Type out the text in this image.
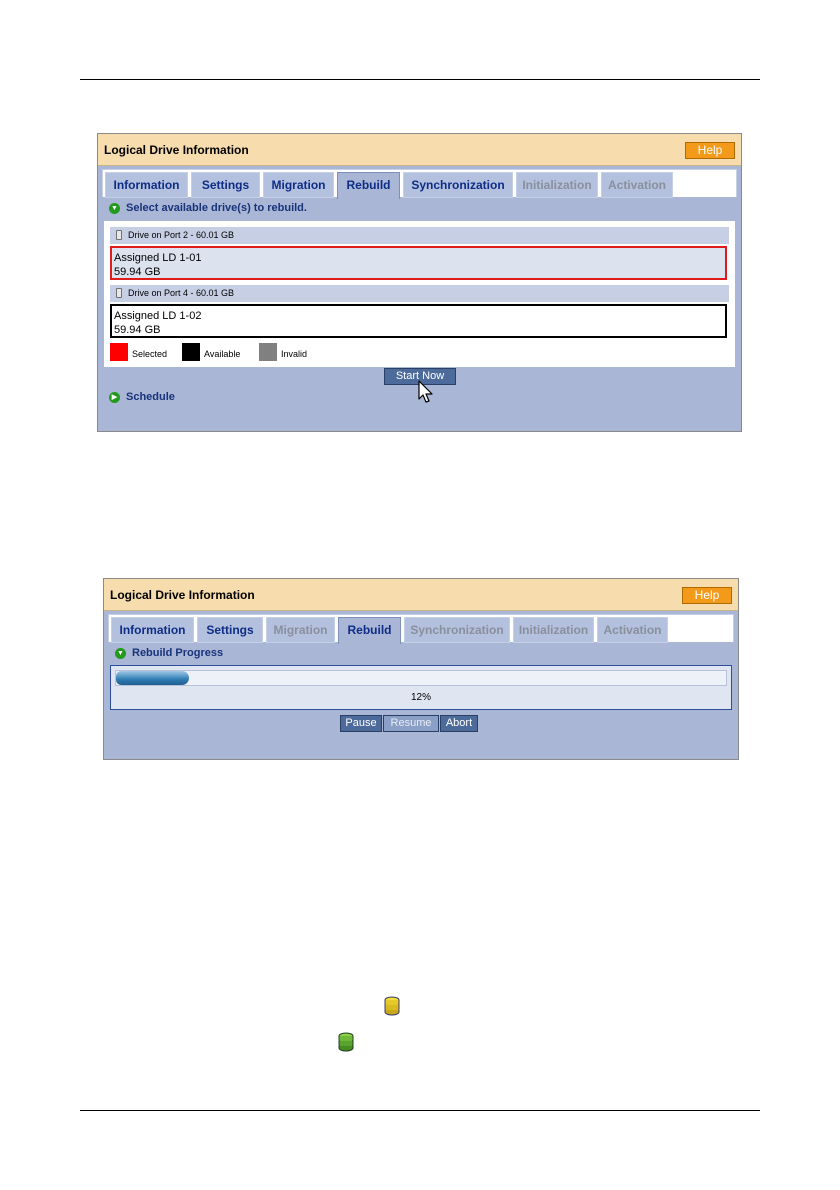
Logical Drive Information	Help
Information	Settings	Migration	Rebuild	Synchronization	Initialization	Activation
▼ Select available drive(s) to rebuild.
Drive on Port 2 - 60.01 GB
Assigned LD 1-01
59.94 GB
Drive on Port 4 - 60.01 GB
Assigned LD 1-02
59.94 GB
Selected	Available	Invalid
Start Now
▶ Schedule
Logical Drive Information	Help
Information	Settings	Migration	Rebuild	Synchronization	Initialization	Activation
▼ Rebuild Progress
12%
Pause	Resume	Abort
